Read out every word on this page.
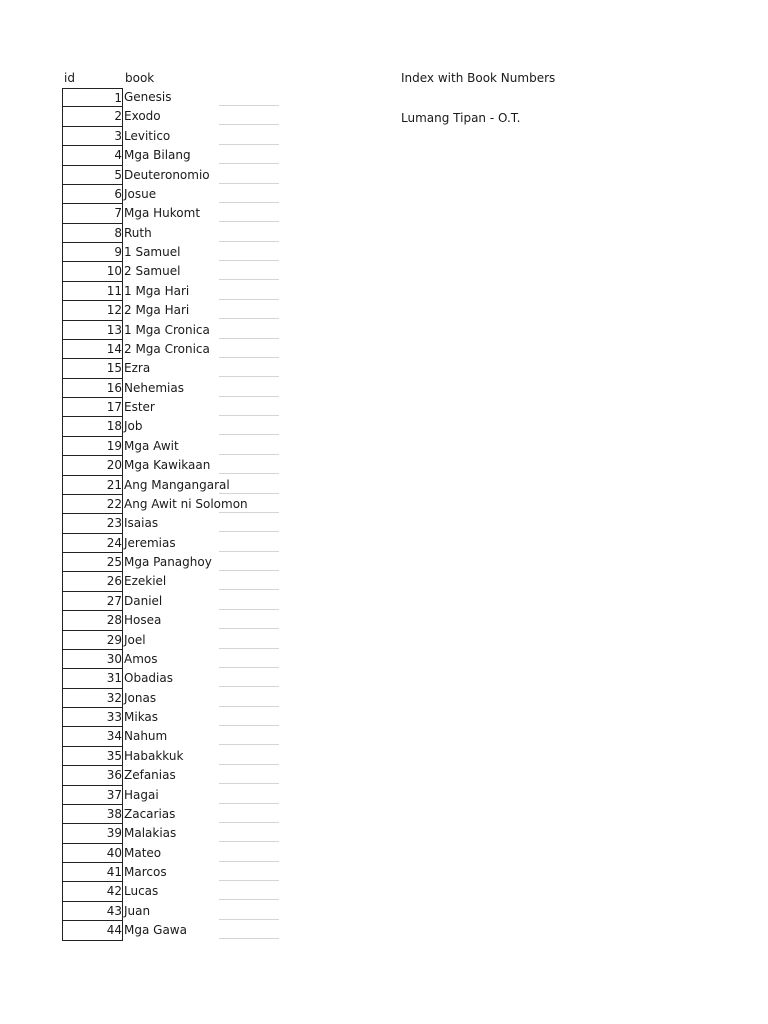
id	book	Index with Book Numbers
Lumang Tipan - O.T.
1 Genesis
2 Exodo
3 Levitico
4 Mga Bilang
5 Deuteronomio
6 Josue
7 Mga Hukomt
8 Ruth
9 1 Samuel
10 2 Samuel
11 1 Mga Hari
12 2 Mga Hari
13 1 Mga Cronica
14 2 Mga Cronica
15 Ezra
16 Nehemias
17 Ester
18 Job
19 Mga Awit
20 Mga Kawikaan
21 Ang Mangangaral
22 Ang Awit ni Solomon
23 Isaias
24 Jeremias
25 Mga Panaghoy
26 Ezekiel
27 Daniel
28 Hosea
29 Joel
30 Amos
31 Obadias
32 Jonas
33 Mikas
34 Nahum
35 Habakkuk
36 Zefanias
37 Hagai
38 Zacarias
39 Malakias
40 Mateo
41 Marcos
42 Lucas
43 Juan
44 Mga Gawa
